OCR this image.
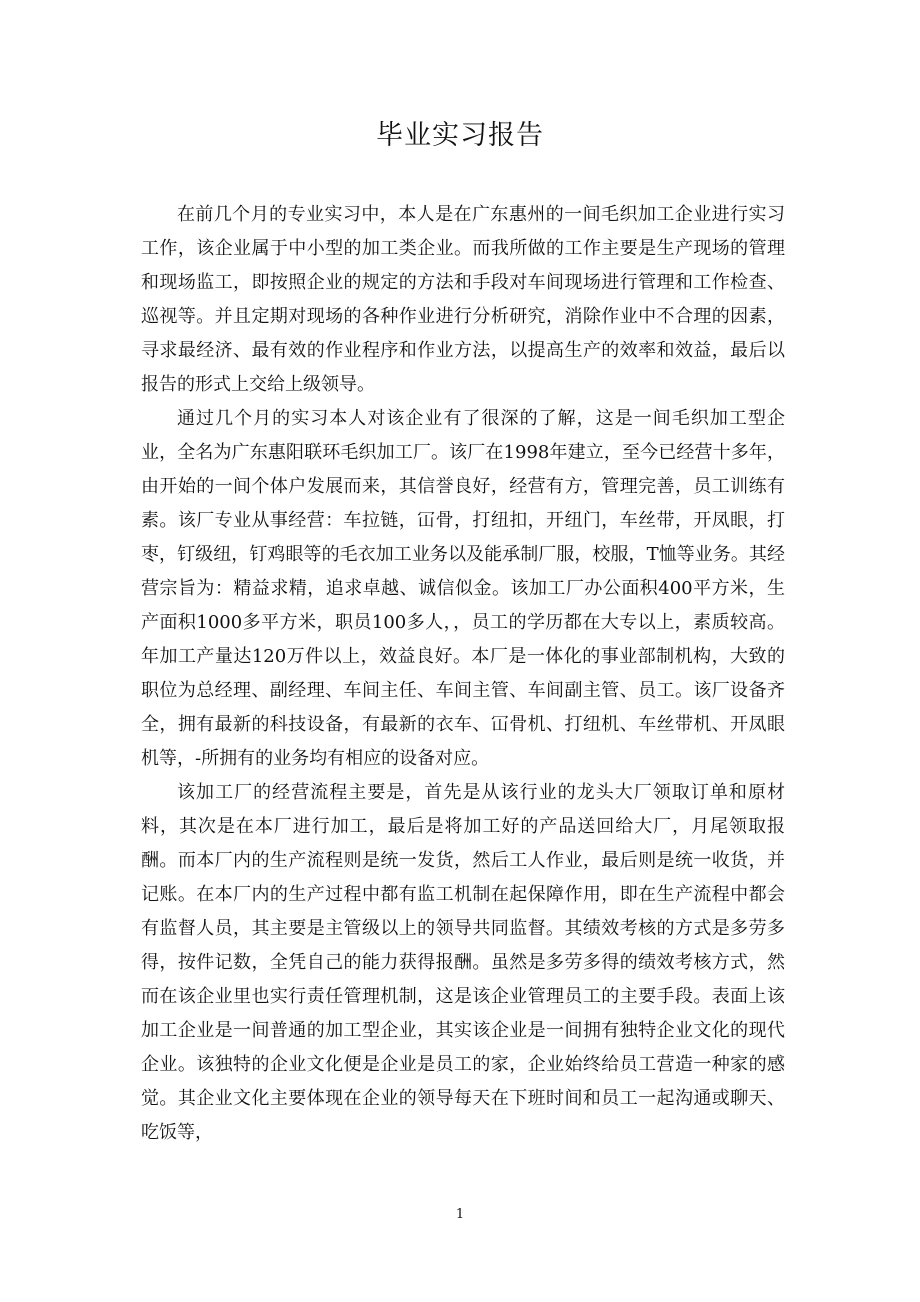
毕业实习报告

在前几个月的专业实习中，本人是在广东惠州的一间毛织加工企业进行实习工作，该企业属于中小型的加工类企业。而我所做的工作主要是生产现场的管理和现场监工，即按照企业的规定的方法和手段对车间现场进行管理和工作检查、巡视等。并且定期对现场的各种作业进行分析研究，消除作业中不合理的因素，寻求最经济、最有效的作业程序和作业方法，以提高生产的效率和效益，最后以报告的形式上交给上级领导。

通过几个月的实习本人对该企业有了很深的了解，这是一间毛织加工型企业，全名为广东惠阳联环毛织加工厂。该厂在1998年建立，至今已经营十多年，由开始的一间个体户发展而来，其信誉良好，经营有方，管理完善，员工训练有素。该厂专业从事经营：车拉链，冚骨，打纽扣，开纽门，车丝带，开凤眼，打枣，钉级纽，钉鸡眼等的毛衣加工业务以及能承制厂服，校服，T恤等业务。其经营宗旨为：精益求精，追求卓越、诚信似金。该加工厂办公面积400平方米，生产面积1000多平方米，职员100多人，，员工的学历都在大专以上，素质较高。年加工产量达120万件以上，效益良好。本厂是一体化的事业部制机构，大致的职位为总经理、副经理、车间主任、车间主管、车间副主管、员工。该厂设备齐全，拥有最新的科技设备，有最新的衣车、冚骨机、打纽机、车丝带机、开凤眼机等，-所拥有的业务均有相应的设备对应。

该加工厂的经营流程主要是，首先是从该行业的龙头大厂领取订单和原材料，其次是在本厂进行加工，最后是将加工好的产品送回给大厂，月尾领取报酬。而本厂内的生产流程则是统一发货，然后工人作业，最后则是统一收货，并记账。在本厂内的生产过程中都有监工机制在起保障作用，即在生产流程中都会有监督人员，其主要是主管级以上的领导共同监督。其绩效考核的方式是多劳多得，按件记数，全凭自己的能力获得报酬。虽然是多劳多得的绩效考核方式，然而在该企业里也实行责任管理机制，这是该企业管理员工的主要手段。表面上该加工企业是一间普通的加工型企业，其实该企业是一间拥有独特企业文化的现代企业。该独特的企业文化便是企业是员工的家，企业始终给员工营造一种家的感觉。其企业文化主要体现在企业的领导每天在下班时间和员工一起沟通或聊天、吃饭等，

1
